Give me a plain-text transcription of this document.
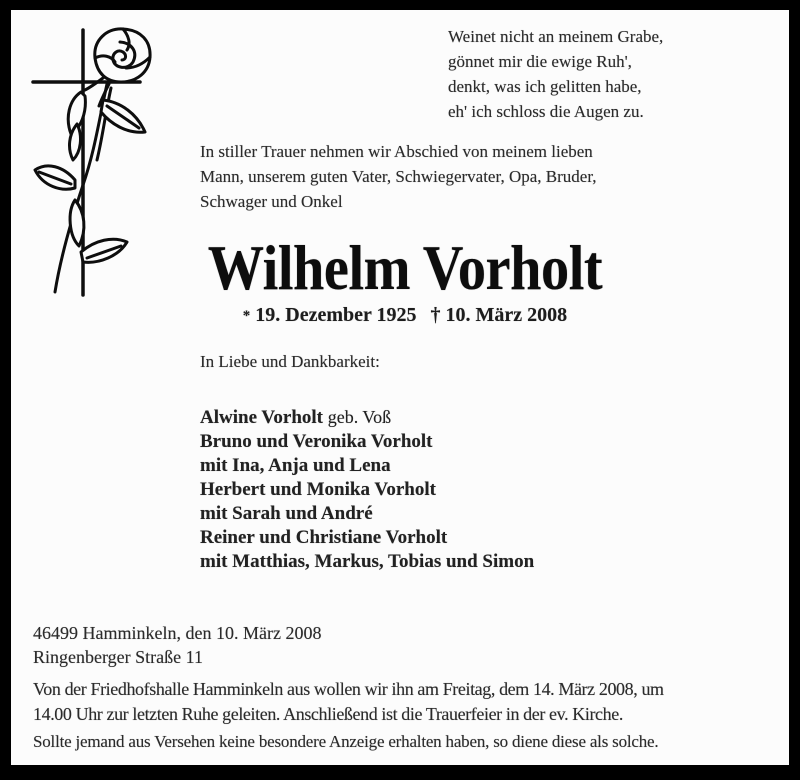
Weinet nicht an meinem Grabe,
gönnet mir die ewige Ruh',
denkt, was ich gelitten habe,
eh' ich schloss die Augen zu.
In stiller Trauer nehmen wir Abschied von meinem lieben
Mann, unserem guten Vater, Schwiegervater, Opa, Bruder,
Schwager und Onkel
Wilhelm Vorholt
* 19. Dezember 1925 † 10. März 2008
In Liebe und Dankbarkeit:
Alwine Vorholt geb. Voß
Bruno und Veronika Vorholt
mit Ina, Anja und Lena
Herbert und Monika Vorholt
mit Sarah und André
Reiner und Christiane Vorholt
mit Matthias, Markus, Tobias und Simon
46499 Hamminkeln, den 10. März 2008
Ringenberger Straße 11
Von der Friedhofshalle Hamminkeln aus wollen wir ihn am Freitag, dem 14. März 2008, um
14.00 Uhr zur letzten Ruhe geleiten. Anschließend ist die Trauerfeier in der ev. Kirche.
Sollte jemand aus Versehen keine besondere Anzeige erhalten haben, so diene diese als solche.
